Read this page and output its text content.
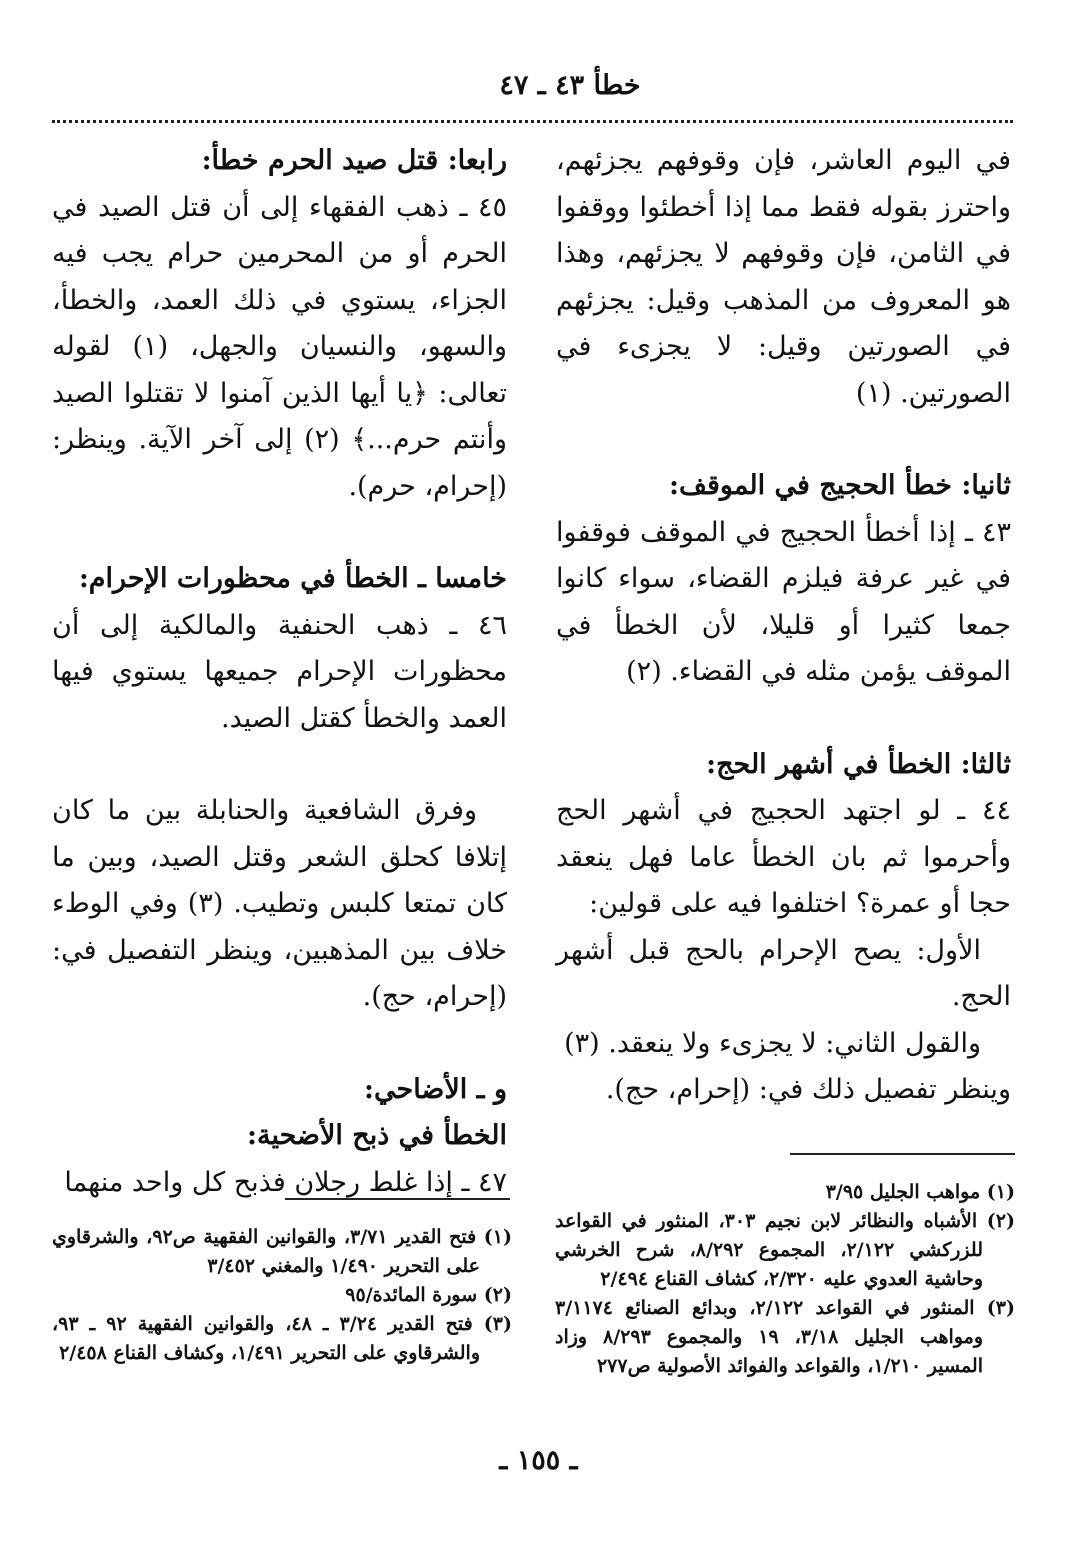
خطأ ٤٣ ـ ٤٧

في اليوم العاشر، فإن وقوفهم يجزئهم، واحترز بقوله فقط مما إذا أخطئوا ووقفوا في الثامن، فإن وقوفهم لا يجزئهم، وهذا هو المعروف من المذهب وقيل: يجزئهم في الصورتين وقيل: لا يجزىء في الصورتين. (١)

ثانيا: خطأ الحجيج في الموقف:

٤٣ ـ إذا أخطأ الحجيج في الموقف فوقفوا في غير عرفة فيلزم القضاء، سواء كانوا جمعا كثيرا أو قليلا، لأن الخطأ في الموقف يؤمن مثله في القضاء. (٢)

ثالثا: الخطأ في أشهر الحج:

٤٤ ـ لو اجتهد الحجيج في أشهر الحج وأحرموا ثم بان الخطأ عاما فهل ينعقد حجا أو عمرة؟ اختلفوا فيه على قولين:

الأول: يصح الإحرام بالحج قبل أشهر الحج.

والقول الثاني: لا يجزىء ولا ينعقد. (٣)

وينظر تفصيل ذلك في: (إحرام، حج).

رابعا: قتل صيد الحرم خطأ:

٤٥ ـ ذهب الفقهاء إلى أن قتل الصيد في الحرم أو من المحرمين حرام يجب فيه الجزاء، يستوي في ذلك العمد، والخطأ، والسهو، والنسيان والجهل، (١) لقوله تعالى: ﴿يا أيها الذين آمنوا لا تقتلوا الصيد وأنتم حرم...﴾ (٢) إلى آخر الآية. وينظر: (إحرام، حرم).

خامسا ـ الخطأ في محظورات الإحرام:

٤٦ ـ ذهب الحنفية والمالكية إلى أن محظورات الإحرام جميعها يستوي فيها العمد والخطأ كقتل الصيد.

وفرق الشافعية والحنابلة بين ما كان إتلافا كحلق الشعر وقتل الصيد، وبين ما كان تمتعا كلبس وتطيب. (٣) وفي الوطء خلاف بين المذهبين، وينظر التفصيل في: (إحرام، حج).

و ـ الأضاحي:

الخطأ في ذبح الأضحية:

٤٧ ـ إذا غلط رجلان فذبح كل واحد منهما	(١) مواهب الجليل ٣/٩٥

(٢) الأشباه والنظائر لابن نجيم ٣٠٣، المنثور في القواعد للزركشي ٢/١٢٢، المجموع ٨/٢٩٢، شرح الخرشي وحاشية العدوي عليه ٢/٣٢٠، كشاف القناع ٢/٤٩٤

(٣) المنثور في القواعد ٢/١٢٢، وبدائع الصنائع ٣/١١٧٤ ومواهب الجليل ٣/١٨، ١٩ والمجموع ٨/٢٩٣ وزاد المسير ١/٢١٠، والقواعد والفوائد الأصولية ص٢٧٧

(١) فتح القدير ٣/٧١، والقوانين الفقهية ص٩٢، والشرقاوي على التحرير ١/٤٩٠ والمغني ٣/٤٥٢

(٢) سورة المائدة/٩٥

(٣) فتح القدير ٣/٢٤ ـ ٤٨، والقوانين الفقهية ٩٢ ـ ٩٣، والشرقاوي على التحرير ١/٤٩١، وكشاف القناع ٢/٤٥٨

ـ ١٥٥ ـ
